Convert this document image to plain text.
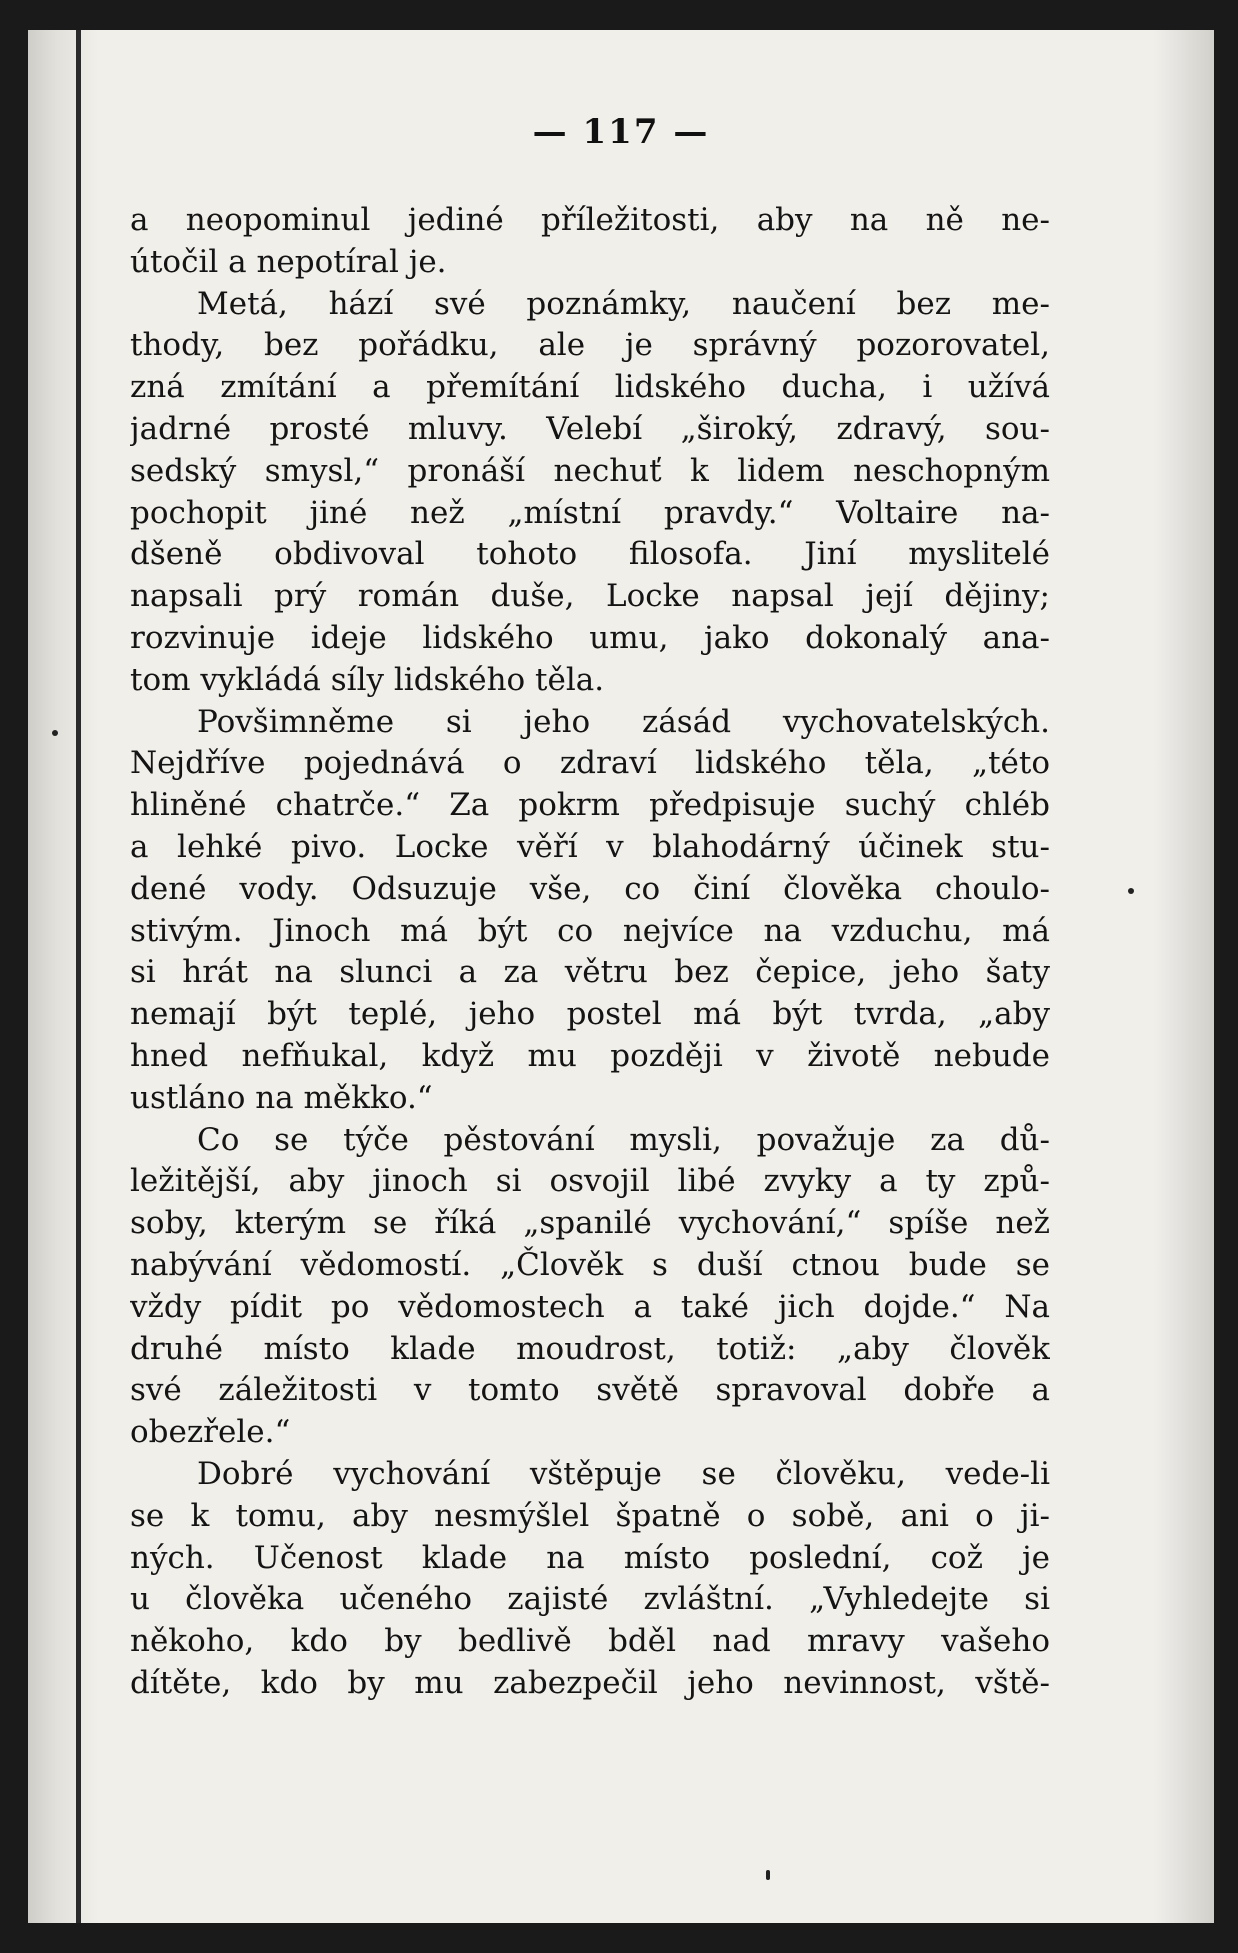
— 117 —
a neopominul jediné příležitosti, aby na ně ne-
útočil a nepotíral je.
Metá, hází své poznámky, naučení bez me-
thody, bez pořádku, ale je správný pozorovatel,
zná zmítání a přemítání lidského ducha, i užívá
jadrné prosté mluvy. Velebí „široký, zdravý, sou-
sedský smysl,“ pronáší nechuť k lidem neschopným
pochopit jiné než „místní pravdy.“ Voltaire na-
dšeně obdivoval tohoto filosofa. Jiní myslitelé
napsali prý román duše, Locke napsal její dějiny;
rozvinuje ideje lidského umu, jako dokonalý ana-
tom vykládá síly lidského těla.
Povšimněme si jeho zásád vychovatelských.
Nejdříve pojednává o zdraví lidského těla, „této
hliněné chatrče.“ Za pokrm předpisuje suchý chléb
a lehké pivo. Locke věří v blahodárný účinek stu-
dené vody. Odsuzuje vše, co činí člověka choulo-
stivým. Jinoch má být co nejvíce na vzduchu, má
si hrát na slunci a za větru bez čepice, jeho šaty
nemají být teplé, jeho postel má být tvrda, „aby
hned nefňukal, když mu později v životě nebude
ustláno na měkko.“
Co se týče pěstování mysli, považuje za dů-
ležitější, aby jinoch si osvojil libé zvyky a ty způ-
soby, kterým se říká „spanilé vychování,“ spíše než
nabývání vědomostí. „Člověk s duší ctnou bude se
vždy pídit po vědomostech a také jich dojde.“ Na
druhé místo klade moudrost, totiž: „aby člověk
své záležitosti v tomto světě spravoval dobře a
obezřele.“
Dobré vychování vštěpuje se člověku, vede-li
se k tomu, aby nesmýšlel špatně o sobě, ani o ji-
ných. Učenost klade na místo poslední, což je
u člověka učeného zajisté zvláštní. „Vyhledejte si
někoho, kdo by bedlivě bděl nad mravy vašeho
dítěte, kdo by mu zabezpečil jeho nevinnost, vště-
